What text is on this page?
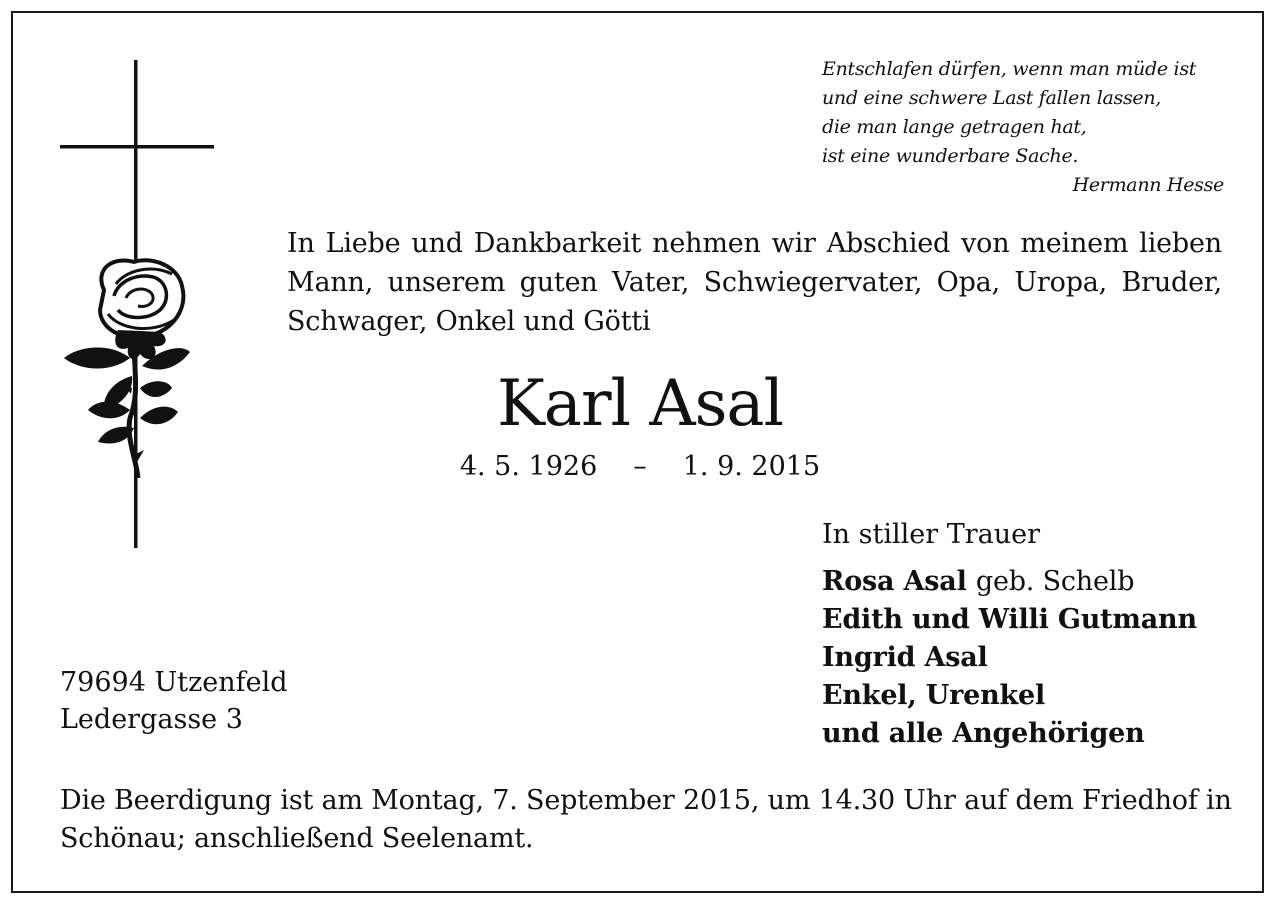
Entschlafen dürfen, wenn man müde ist
und eine schwere Last fallen lassen,
die man lange getragen hat,
ist eine wunderbare Sache.
Hermann Hesse
In Liebe und Dankbarkeit nehmen wir Abschied von meinem lieben
Mann, unserem guten Vater, Schwiegervater, Opa, Uropa, Bruder,
Schwager, Onkel und Götti
Karl Asal
4. 5. 1926 – 1. 9. 2015
In stiller Trauer
Rosa Asal geb. Schelb
Edith und Willi Gutmann
Ingrid Asal
Enkel, Urenkel
und alle Angehörigen
79694 Utzenfeld
Ledergasse 3
Die Beerdigung ist am Montag, 7. September 2015, um 14.30 Uhr auf dem Friedhof in
Schönau; anschließend Seelenamt.
